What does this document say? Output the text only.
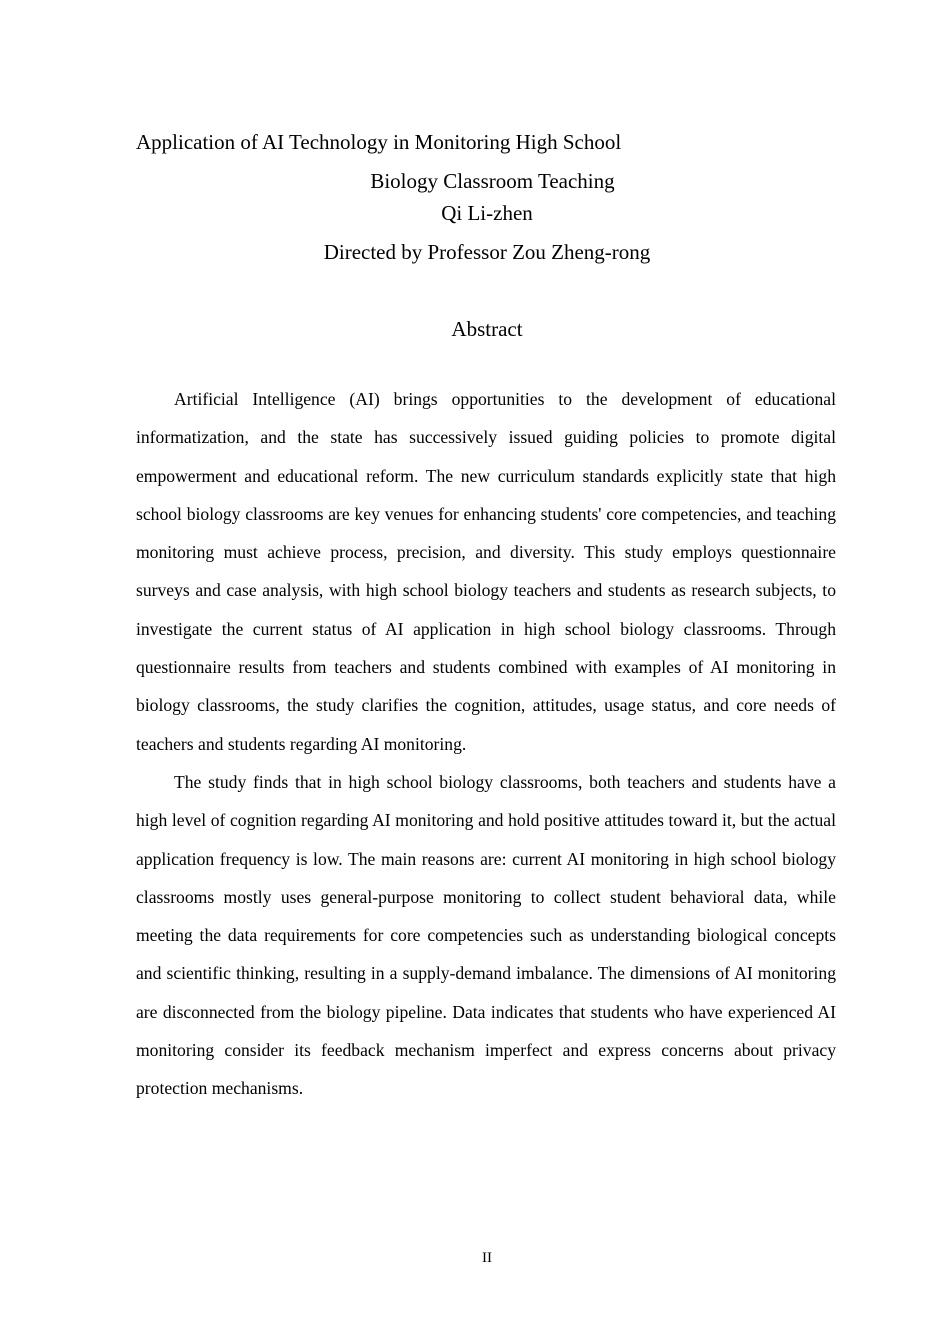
Application of AI Technology in Monitoring High School
Biology Classroom Teaching
Qi Li-zhen
Directed by Professor Zou Zheng-rong
Abstract

Artificial Intelligence (AI) brings opportunities to the development of educational informatization, and the state has successively issued guiding policies to promote digital empowerment and educational reform. The new curriculum standards explicitly state that high school biology classrooms are key venues for enhancing students' core competencies, and teaching monitoring must achieve process, precision, and diversity. This study employs questionnaire surveys and case analysis, with high school biology teachers and students as research subjects, to investigate the current status of AI application in high school biology classrooms. Through questionnaire results from teachers and students combined with examples of AI monitoring in biology classrooms, the study clarifies the cognition, attitudes, usage status, and core needs of teachers and students regarding AI monitoring.

The study finds that in high school biology classrooms, both teachers and students have a high level of cognition regarding AI monitoring and hold positive attitudes toward it, but the actual application frequency is low. The main reasons are: current AI monitoring in high school biology classrooms mostly uses general-purpose monitoring to collect student behavioral data, while meeting the data requirements for core competencies such as understanding biological concepts and scientific thinking, resulting in a supply-demand imbalance. The dimensions of AI monitoring are disconnected from the biology pipeline. Data indicates that students who have experienced AI monitoring consider its feedback mechanism imperfect and express concerns about privacy protection mechanisms.

II
